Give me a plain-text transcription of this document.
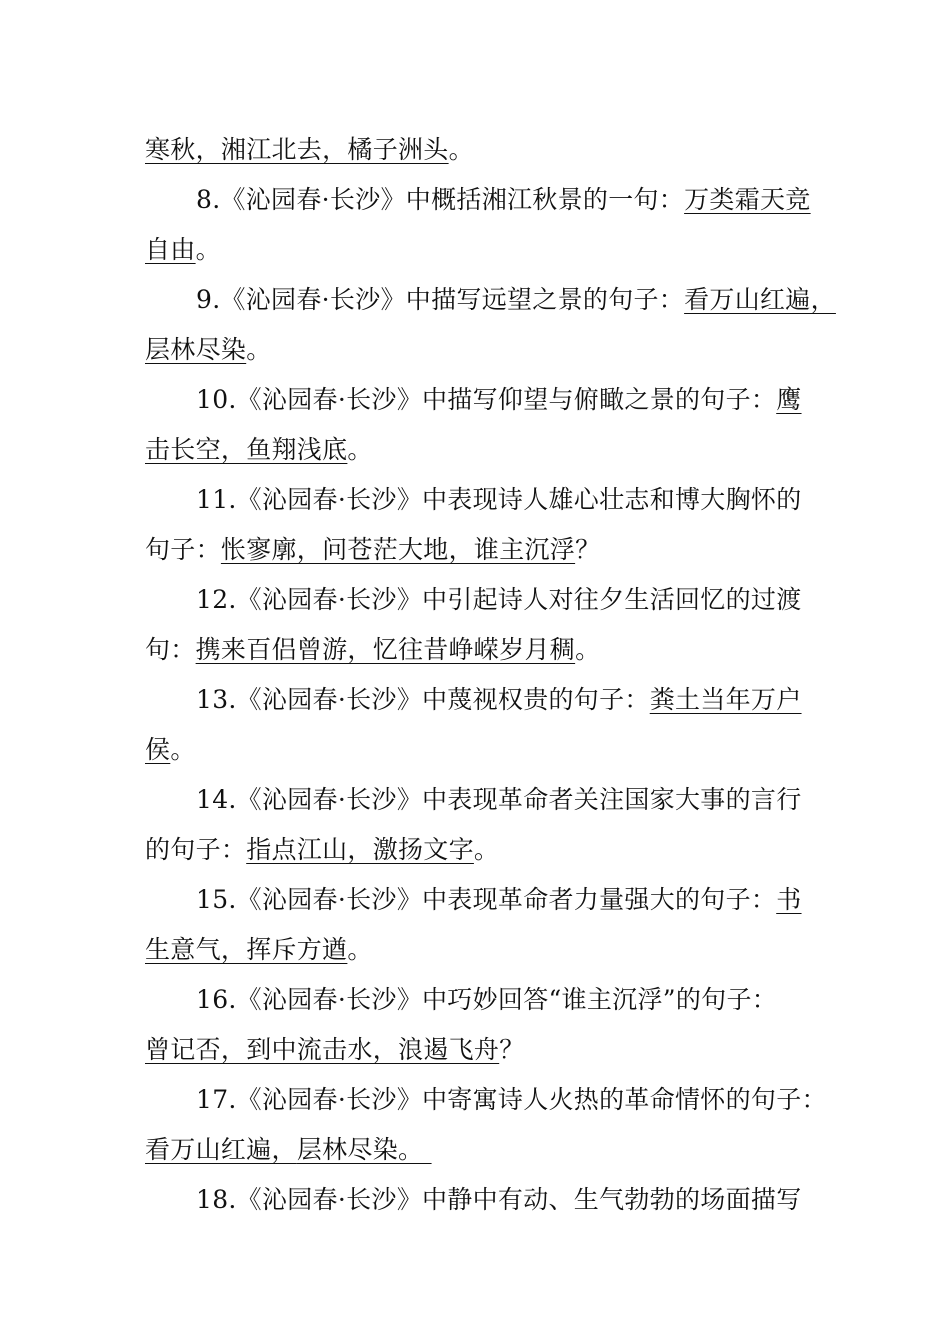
寒秋，湘江北去，橘子洲头。
8.《沁园春·长沙》中概括湘江秋景的一句：万类霜天竞
自由。
9.《沁园春·长沙》中描写远望之景的句子：看万山红遍，
层林尽染。
10.《沁园春·长沙》中描写仰望与俯瞰之景的句子：鹰
击长空，鱼翔浅底。
11.《沁园春·长沙》中表现诗人雄心壮志和博大胸怀的
句子：怅寥廓，问苍茫大地，谁主沉浮？
12.《沁园春·长沙》中引起诗人对往夕生活回忆的过渡
句：携来百侣曾游，忆往昔峥嵘岁月稠。
13.《沁园春·长沙》中蔑视权贵的句子：粪土当年万户
侯。
14.《沁园春·长沙》中表现革命者关注国家大事的言行
的句子：指点江山，激扬文字。
15.《沁园春·长沙》中表现革命者力量强大的句子：书
生意气，挥斥方遒。
16.《沁园春·长沙》中巧妙回答“谁主沉浮”的句子：
曾记否，到中流击水，浪遏飞舟？
17.《沁园春·长沙》中寄寓诗人火热的革命情怀的句子：
看万山红遍，层林尽染。
18.《沁园春·长沙》中静中有动、生气勃勃的场面描写
